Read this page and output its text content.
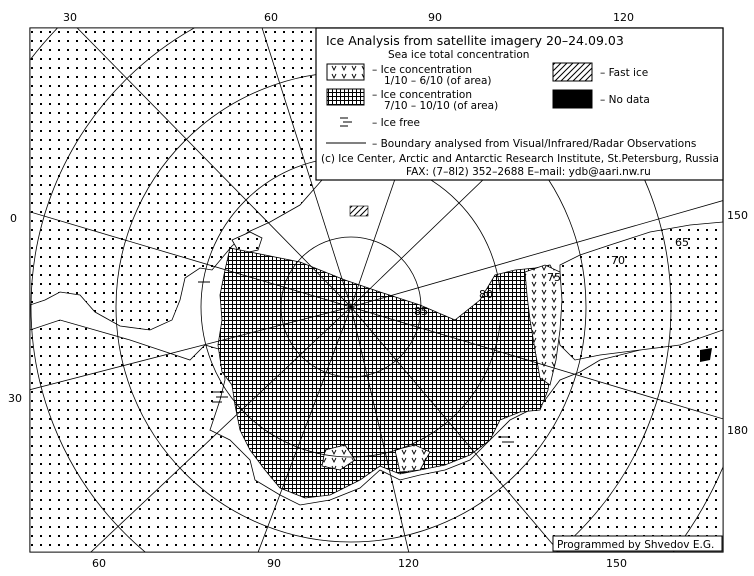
85
80
75
70
65
30	60	90	120
60	90	120	150
0
30
150
180
Programmed by Shvedov E.G.
Ice Analysis from satellite imagery 20–24.09.03
Sea ice total concentration
– Ice concentration
1/10 – 6/10 (of area)
– Ice concentration
7/10 – 10/10 (of area)
– Ice free
– Fast ice
– No data
– Boundary analysed from Visual/Infrared/Radar Observations
(c) Ice Center, Arctic and Antarctic Research Institute, St.Petersburg, Russia
FAX: (7–8l2) 352–2688 E–mail: ydb@aari.nw.ru
